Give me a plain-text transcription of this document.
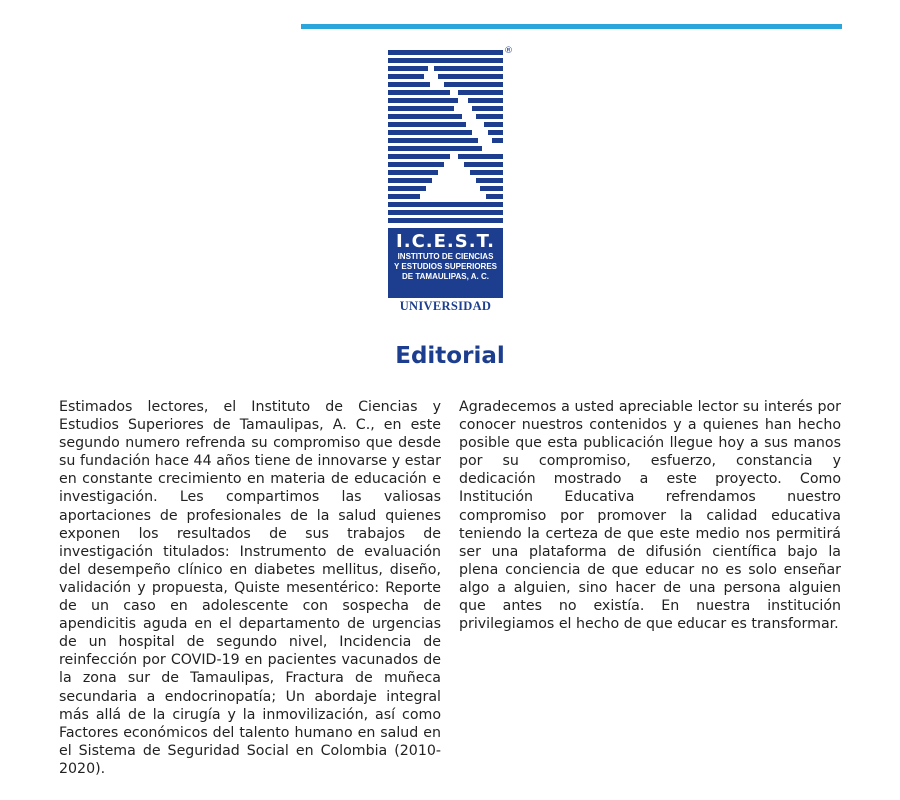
®
I.C.E.S.T.
INSTITUTO DE CIENCIAS
Y ESTUDIOS SUPERIORES
DE TAMAULIPAS, A. C.
UNIVERSIDAD
Editorial
Estimados lectores, el Instituto de Ciencias y Estudios Superiores de Tamaulipas, A. C., en este segundo numero refrenda su compromiso que desde su fundación hace 44 años tiene de innovarse y estar en constante crecimiento en materia de educación e investigación. Les compartimos las valiosas aportaciones de profesionales de la salud quienes exponen los resultados de sus trabajos de investigación titulados: Instrumento de evaluación del desempeño clínico en diabetes mellitus, diseño, validación y propuesta, Quiste mesentérico: Reporte de un caso en adolescente con sospecha de apendicitis aguda en el departamento de urgencias de un hospital de segundo nivel, Incidencia de reinfección por COVID-19 en pacientes vacunados de la zona sur de Tamaulipas, Fractura de muñeca secundaria a endocrinopatía; Un abordaje integral más allá de la cirugía y la inmovilización, así como Factores económicos del talento humano en salud en el Sistema de Seguridad Social en Colombia (2010-2020).
Agradecemos a usted apreciable lector su interés por conocer nuestros contenidos y a quienes han hecho posible que esta publicación llegue hoy a sus manos por su compromiso, esfuerzo, constancia y dedicación mostrado a este proyecto. Como Institución Educativa refrendamos nuestro compromiso por promover la calidad educativa teniendo la certeza de que este medio nos permitirá ser una plataforma de difusión científica bajo la plena conciencia de que educar no es solo enseñar algo a alguien, sino hacer de una persona alguien que antes no existía. En nuestra institución privilegiamos el hecho de que educar es transformar.
